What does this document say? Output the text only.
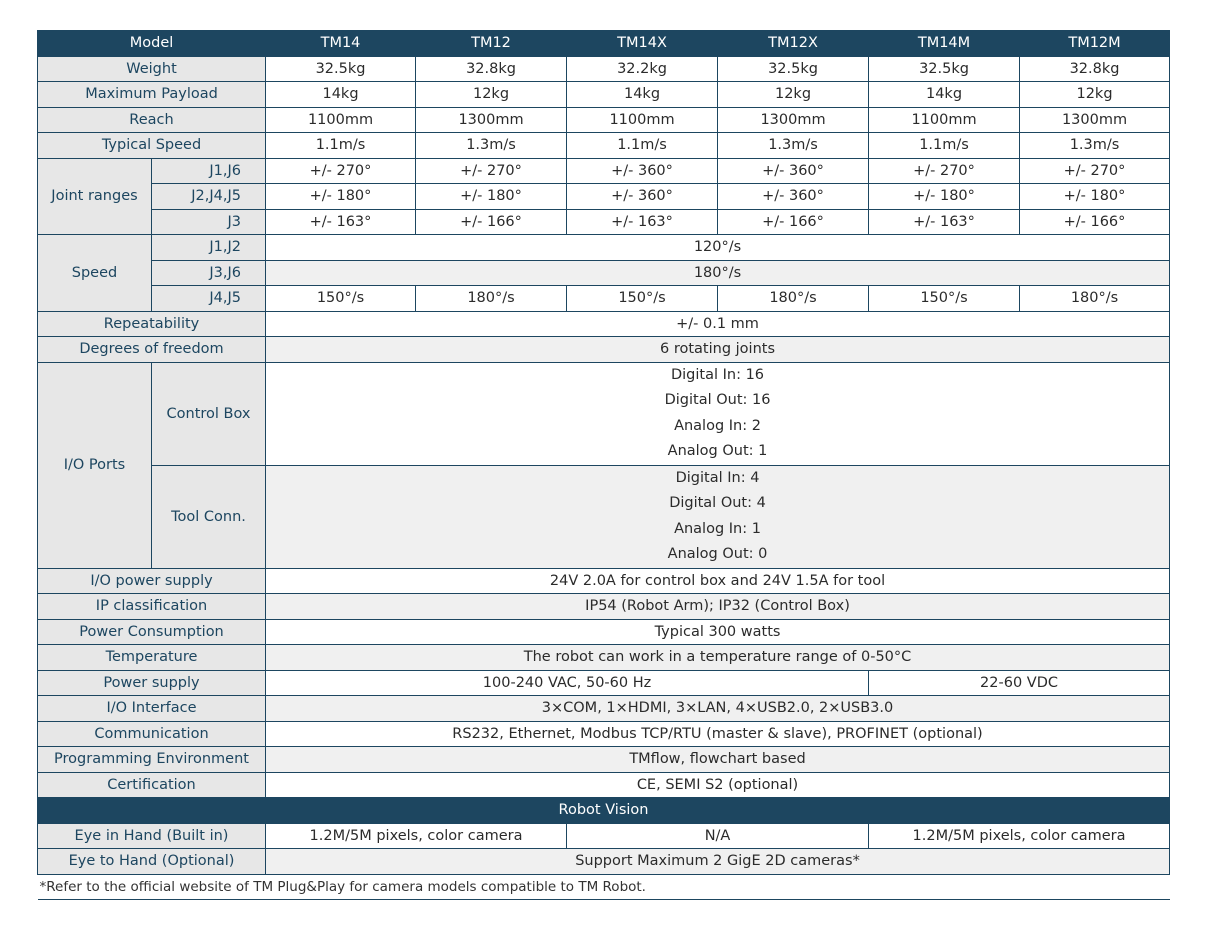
Model		TM14	TM12	TM14X	TM12X	TM14M	TM12M
Weight		32.5kg	32.8kg	32.2kg	32.5kg	32.5kg	32.8kg
Maximum Payload		14kg	12kg	14kg	12kg	14kg	12kg
Reach		1100mm	1300mm	1100mm	1300mm	1100mm	1300mm
Typical Speed		1.1m/s	1.3m/s	1.1m/s	1.3m/s	1.1m/s	1.3m/s
Joint ranges	J1,J6	+/- 270°	+/- 270°	+/- 360°	+/- 360°	+/- 270°	+/- 270°
	J2,J4,J5	+/- 180°	+/- 180°	+/- 360°	+/- 360°	+/- 180°	+/- 180°
	J3	+/- 163°	+/- 166°	+/- 163°	+/- 166°	+/- 163°	+/- 166°
Speed	J1,J2	120°/s					
	J3,J6	180°/s					
	J4,J5	150°/s	180°/s	150°/s	180°/s	150°/s	180°/s
Repeatability		+/- 0.1 mm					
Degrees of freedom		6 rotating joints					
I/O Ports	Control Box	Digital In: 16
Digital Out: 16
Analog In: 2
Analog Out: 1					

	Tool Conn.	Digital In: 4
Digital Out: 4
Analog In: 1
Analog Out: 0					

I/O power supply		24V 2.0A for control box and 24V 1.5A for tool					
IP classification		IP54 (Robot Arm); IP32 (Control Box)					
Power Consumption		Typical 300 watts					
Temperature		The robot can work in a temperature range of 0-50°C					
Power supply		100-240 VAC, 50-60 Hz				22-60 VDC	
I/O Interface		3×COM, 1×HDMI, 3×LAN, 4×USB2.0, 2×USB3.0					
Communication		RS232, Ethernet, Modbus TCP/RTU (master & slave), PROFINET (optional)					
Programming Environment		TMflow, flowchart based					
Certification		CE, SEMI S2 (optional)					
Robot Vision							
Eye in Hand (Built in)		1.2M/5M pixels, color camera		N/A		1.2M/5M pixels, color camera	
Eye to Hand (Optional)		Support Maximum 2 GigE 2D cameras*					
*Refer to the official website of TM Plug&Play for camera models compatible to TM Robot.							
